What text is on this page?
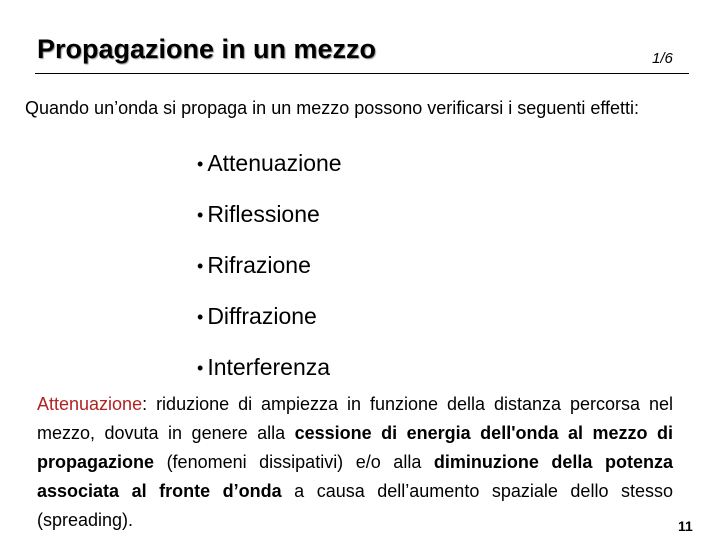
Propagazione in un mezzo	1/6

Quando un’onda si propaga in un mezzo possono verificarsi i seguenti effetti:

• Attenuazione
• Riflessione
• Rifrazione
• Diffrazione
• Interferenza

Attenuazione: riduzione di ampiezza in funzione della distanza percorsa nel mezzo, dovuta in genere alla cessione di energia dell'onda al mezzo di propagazione (fenomeni dissipativi) e/o alla diminuzione della potenza associata al fronte d’onda a causa dell’aumento spaziale dello stesso (spreading).	11
